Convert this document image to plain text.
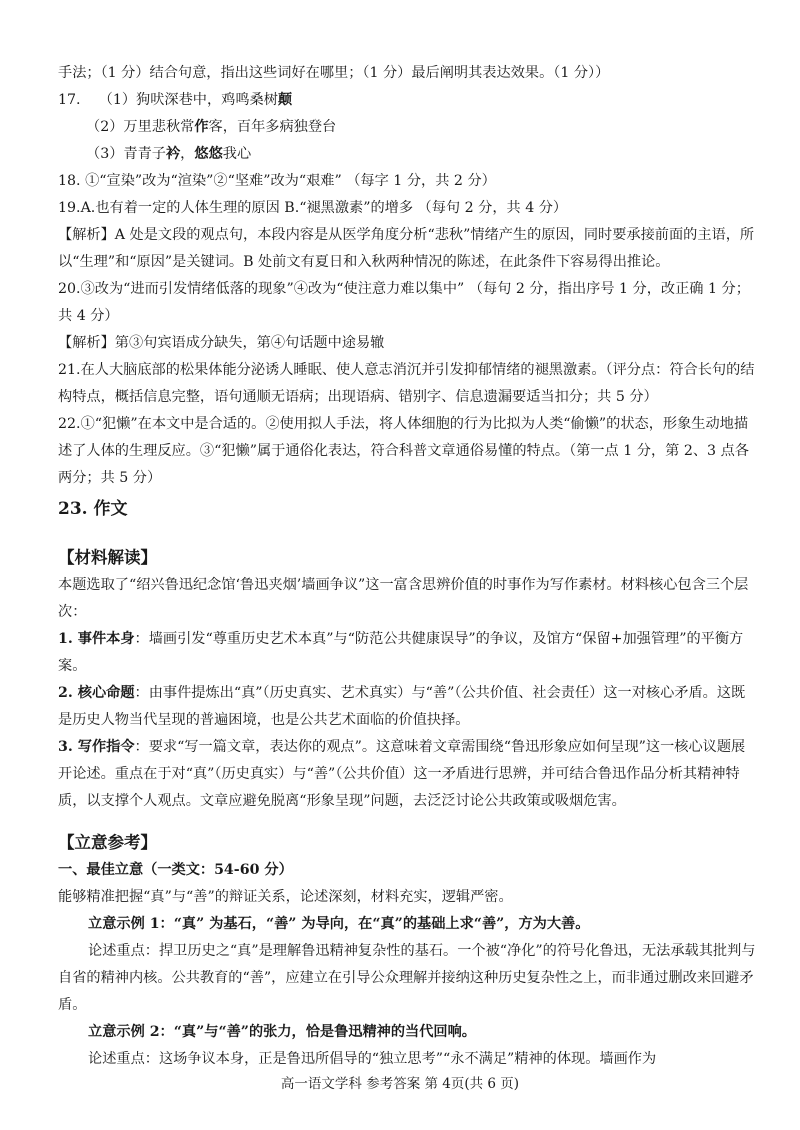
手法；（1 分）结合句意，指出这些词好在哪里；（1 分）最后阐明其表达效果。（1 分））

17. （1）狗吠深巷中，鸡鸣桑树颠

（2）万里悲秋常作客，百年多病独登台

（3）青青子衿，悠悠我心

18. ①“宣染”改为“渲染”②“坚难”改为“艰难” （每字 1 分，共 2 分）

19.A.也有着一定的人体生理的原因 B.“褪黑激素”的增多 （每句 2 分，共 4 分）

【解析】A 处是文段的观点句，本段内容是从医学角度分析“悲秋”情绪产生的原因，同时要承接前面的主语，所以“生理”和“原因”是关键词。B 处前文有夏日和入秋两种情况的陈述，在此条件下容易得出推论。

20.③改为“进而引发情绪低落的现象”④改为“使注意力难以集中” （每句 2 分，指出序号 1 分，改正确 1 分；共 4 分）

【解析】第③句宾语成分缺失，第④句话题中途易辙

21.在人大脑底部的松果体能分泌诱人睡眠、使人意志消沉并引发抑郁情绪的褪黑激素。（评分点：符合长句的结构特点，概括信息完整，语句通顺无语病；出现语病、错别字、信息遗漏要适当扣分；共 5 分）

22.①“犯懒”在本文中是合适的。②使用拟人手法，将人体细胞的行为比拟为人类“偷懒”的状态，形象生动地描述了人体的生理反应。③“犯懒”属于通俗化表达，符合科普文章通俗易懂的特点。（第一点 1 分，第 2、3 点各两分；共 5 分）

23. 作文

【材料解读】

本题选取了“绍兴鲁迅纪念馆‘鲁迅夹烟’墙画争议”这一富含思辨价值的时事作为写作素材。材料核心包含三个层次：

1. 事件本身：墙画引发“尊重历史艺术本真”与“防范公共健康误导”的争议，及馆方“保留+加强管理”的平衡方案。

2. 核心命题：由事件提炼出“真”（历史真实、艺术真实）与“善”（公共价值、社会责任）这一对核心矛盾。这既是历史人物当代呈现的普遍困境，也是公共艺术面临的价值抉择。

3. 写作指令：要求“写一篇文章，表达你的观点”。这意味着文章需围绕“鲁迅形象应如何呈现”这一核心议题展开论述。重点在于对“真”（历史真实）与“善”（公共价值）这一矛盾进行思辨，并可结合鲁迅作品分析其精神特质，以支撑个人观点。文章应避免脱离“形象呈现”问题，去泛泛讨论公共政策或吸烟危害。

【立意参考】

一、最佳立意（一类文：54-60 分）

能够精准把握“真”与“善”的辩证关系，论述深刻，材料充实，逻辑严密。

立意示例 1：“真” 为基石，“善” 为导向，在“真”的基础上求“善”，方为大善。

论述重点：捍卫历史之“真”是理解鲁迅精神复杂性的基石。一个被“净化”的符号化鲁迅，无法承载其批判与自省的精神内核。公共教育的“善”，应建立在引导公众理解并接纳这种历史复杂性之上，而非通过删改来回避矛盾。

立意示例 2：“真”与“善”的张力，恰是鲁迅精神的当代回响。

论述重点：这场争议本身，正是鲁迅所倡导的“独立思考”“永不满足”精神的体现。墙画作为

高一语文学科 参考答案 第 4页(共 6 页)
